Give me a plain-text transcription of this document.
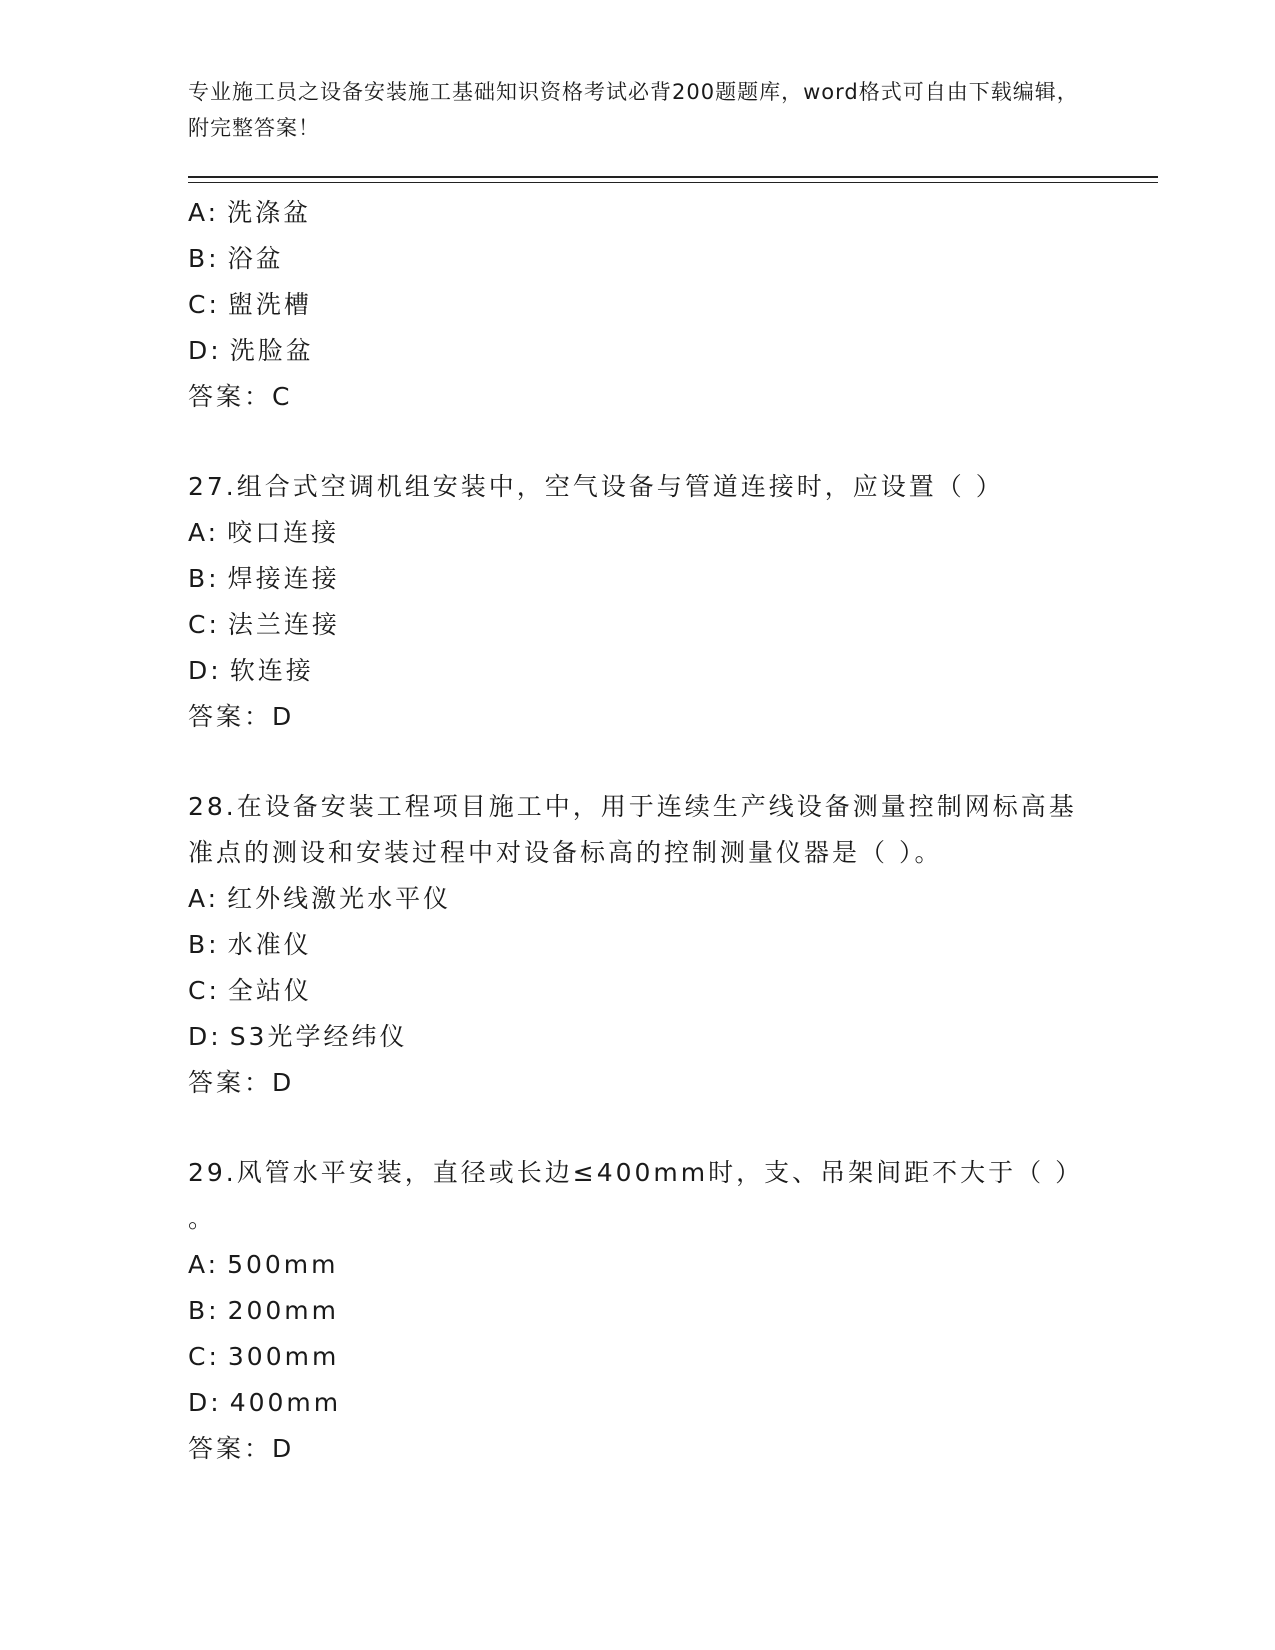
专业施工员之设备安装施工基础知识资格考试必背200题题库，word格式可自由下载编辑，附完整答案！

A: 洗涤盆
B: 浴盆
C: 盥洗槽
D: 洗脸盆
答案：C
27.组合式空调机组安装中，空气设备与管道连接时，应设置（ ）
A: 咬口连接
B: 焊接连接
C: 法兰连接
D: 软连接
答案：D
28.在设备安装工程项目施工中，用于连续生产线设备测量控制网标高基准点的测设和安装过程中对设备标高的控制测量仪器是（ ）。
A: 红外线激光水平仪
B: 水准仪
C: 全站仪
D: S3光学经纬仪
答案：D
29.风管水平安装，直径或长边≤400mm时，支、吊架间距不大于（ ）
。
A: 500mm
B: 200mm
C: 300mm
D: 400mm
答案：D
